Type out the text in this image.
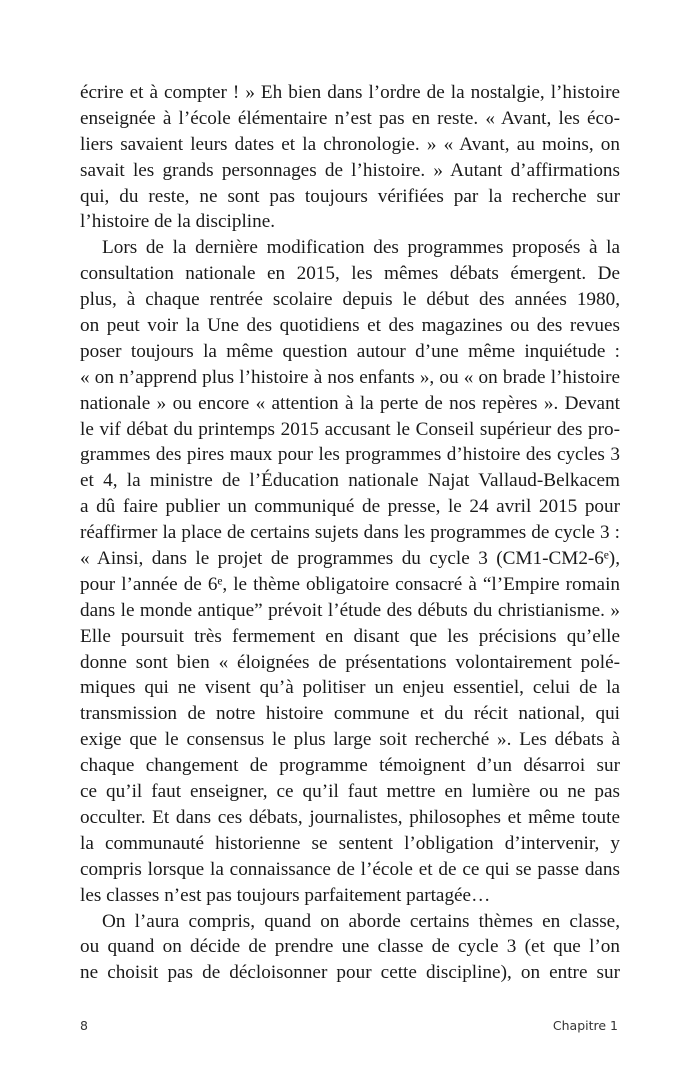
écrire et à compter ! » Eh bien dans l’ordre de la nostalgie, l’histoire
enseignée à l’école élémentaire n’est pas en reste. « Avant, les éco-
liers savaient leurs dates et la chronologie. » « Avant, au moins, on
savait les grands personnages de l’histoire. » Autant d’affirmations
qui, du reste, ne sont pas toujours vérifiées par la recherche sur
l’histoire de la discipline.
Lors de la dernière modification des programmes proposés à la
consultation nationale en 2015, les mêmes débats émergent. De
plus, à chaque rentrée scolaire depuis le début des années 1980,
on peut voir la Une des quotidiens et des magazines ou des revues
poser toujours la même question autour d’une même inquiétude :
« on n’apprend plus l’histoire à nos enfants », ou « on brade l’histoire
nationale » ou encore « attention à la perte de nos repères ». Devant
le vif débat du printemps 2015 accusant le Conseil supérieur des pro-
grammes des pires maux pour les programmes d’histoire des cycles 3
et 4, la ministre de l’Éducation nationale Najat Vallaud-Belkacem
a dû faire publier un communiqué de presse, le 24 avril 2015 pour
réaffirmer la place de certains sujets dans les programmes de cycle 3 :
« Ainsi, dans le projet de programmes du cycle 3 (CM1-CM2-6ᵉ),
pour l’année de 6ᵉ, le thème obligatoire consacré à “l’Empire romain
dans le monde antique” prévoit l’étude des débuts du christianisme. »
Elle poursuit très fermement en disant que les précisions qu’elle
donne sont bien « éloignées de présentations volontairement polé-
miques qui ne visent qu’à politiser un enjeu essentiel, celui de la
transmission de notre histoire commune et du récit national, qui
exige que le consensus le plus large soit recherché ». Les débats à
chaque changement de programme témoignent d’un désarroi sur
ce qu’il faut enseigner, ce qu’il faut mettre en lumière ou ne pas
occulter. Et dans ces débats, journalistes, philosophes et même toute
la communauté historienne se sentent l’obligation d’intervenir, y
compris lorsque la connaissance de l’école et de ce qui se passe dans
les classes n’est pas toujours parfaitement partagée…
On l’aura compris, quand on aborde certains thèmes en classe,
ou quand on décide de prendre une classe de cycle 3 (et que l’on
ne choisit pas de décloisonner pour cette discipline), on entre sur
8	Chapitre 1
